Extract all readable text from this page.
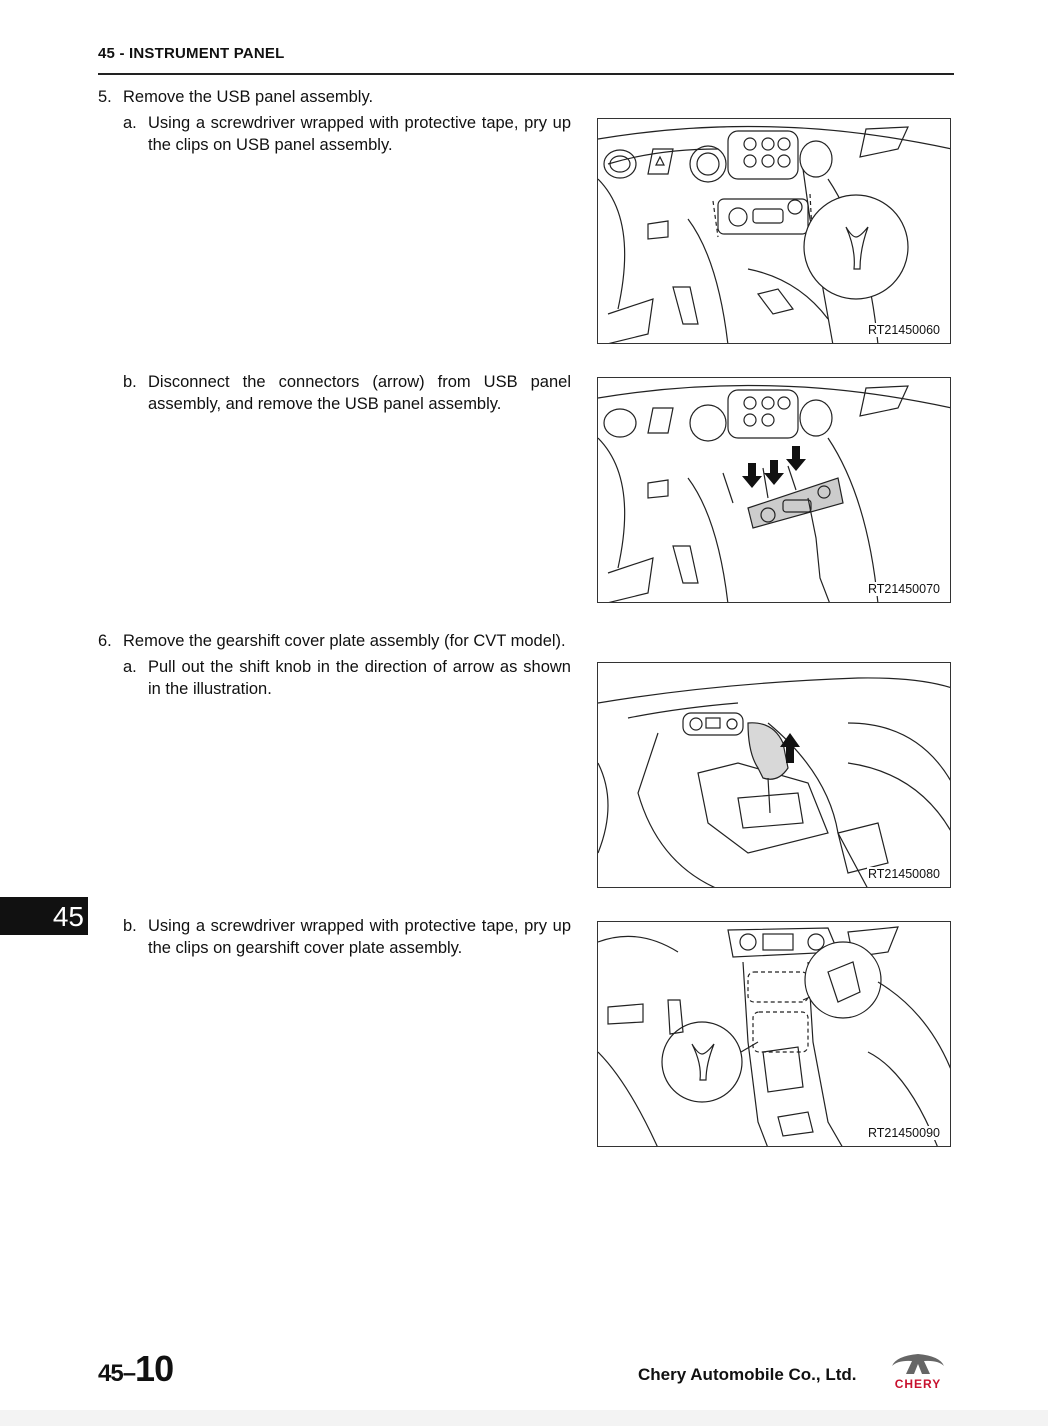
45 - INSTRUMENT PANEL
5. Remove the USB panel assembly.
a. Using a screwdriver wrapped with protective tape, pry up the clips on USB panel assembly.
RT21450060
b. Disconnect the connectors (arrow) from USB panel assembly, and remove the USB panel assembly.
RT21450070
6. Remove the gearshift cover plate assembly (for CVT model).
a. Pull out the shift knob in the direction of arrow as shown in the illustration.
RT21450080
45 b. Using a screwdriver wrapped with protective tape, pry up the clips on gearshift cover plate assembly.
RT21450090
45–10	Chery Automobile Co., Ltd.	CHERY
